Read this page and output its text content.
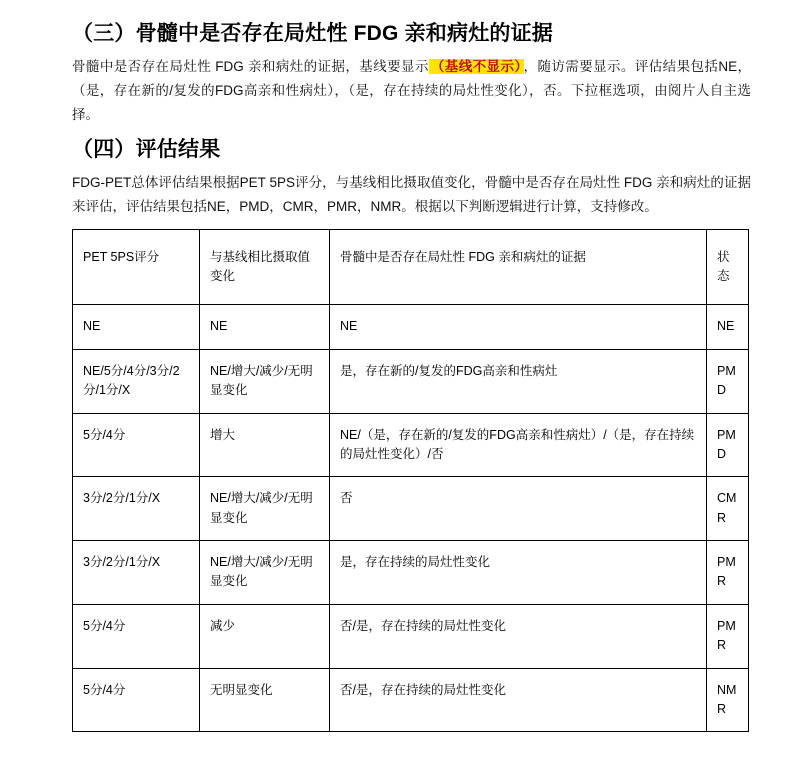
（三）骨髓中是否存在局灶性 FDG 亲和病灶的证据

骨髓中是否存在局灶性 FDG 亲和病灶的证据，基线要显示 （基线不显示） ，随访需要显示。评估结果包括NE，（是，存在新的/复发的FDG高亲和性病灶），（是，存在持续的局灶性变化），否。下拉框选项，由阅片人自主选择。

（四）评估结果

FDG-PET总体评估结果根据PET 5PS评分，与基线相比摄取值变化，骨髓中是否存在局灶性 FDG 亲和病灶的证据来评估，评估结果包括NE，PMD，CMR，PMR，NMR。根据以下判断逻辑进行计算，支持修改。

PET 5PS评分	与基线相比摄取值变化	骨髓中是否存在局灶性 FDG 亲和病灶的证据	状态
NE	NE	NE	NE
NE/5分/4分/3分/2分/1分/X	NE/增大/减少/无明显变化	是，存在新的/复发的FDG高亲和性病灶	PMD
5分/4分	增大	NE/（是，存在新的/复发的FDG高亲和性病灶）/（是，存在持续的局灶性变化）/否	PMD
3分/2分/1分/X	NE/增大/减少/无明显变化	否	CMR
3分/2分/1分/X	NE/增大/减少/无明显变化	是，存在持续的局灶性变化	PMR
5分/4分	减少	否/是，存在持续的局灶性变化	PMR
5分/4分	无明显变化	否/是，存在持续的局灶性变化	NMR
